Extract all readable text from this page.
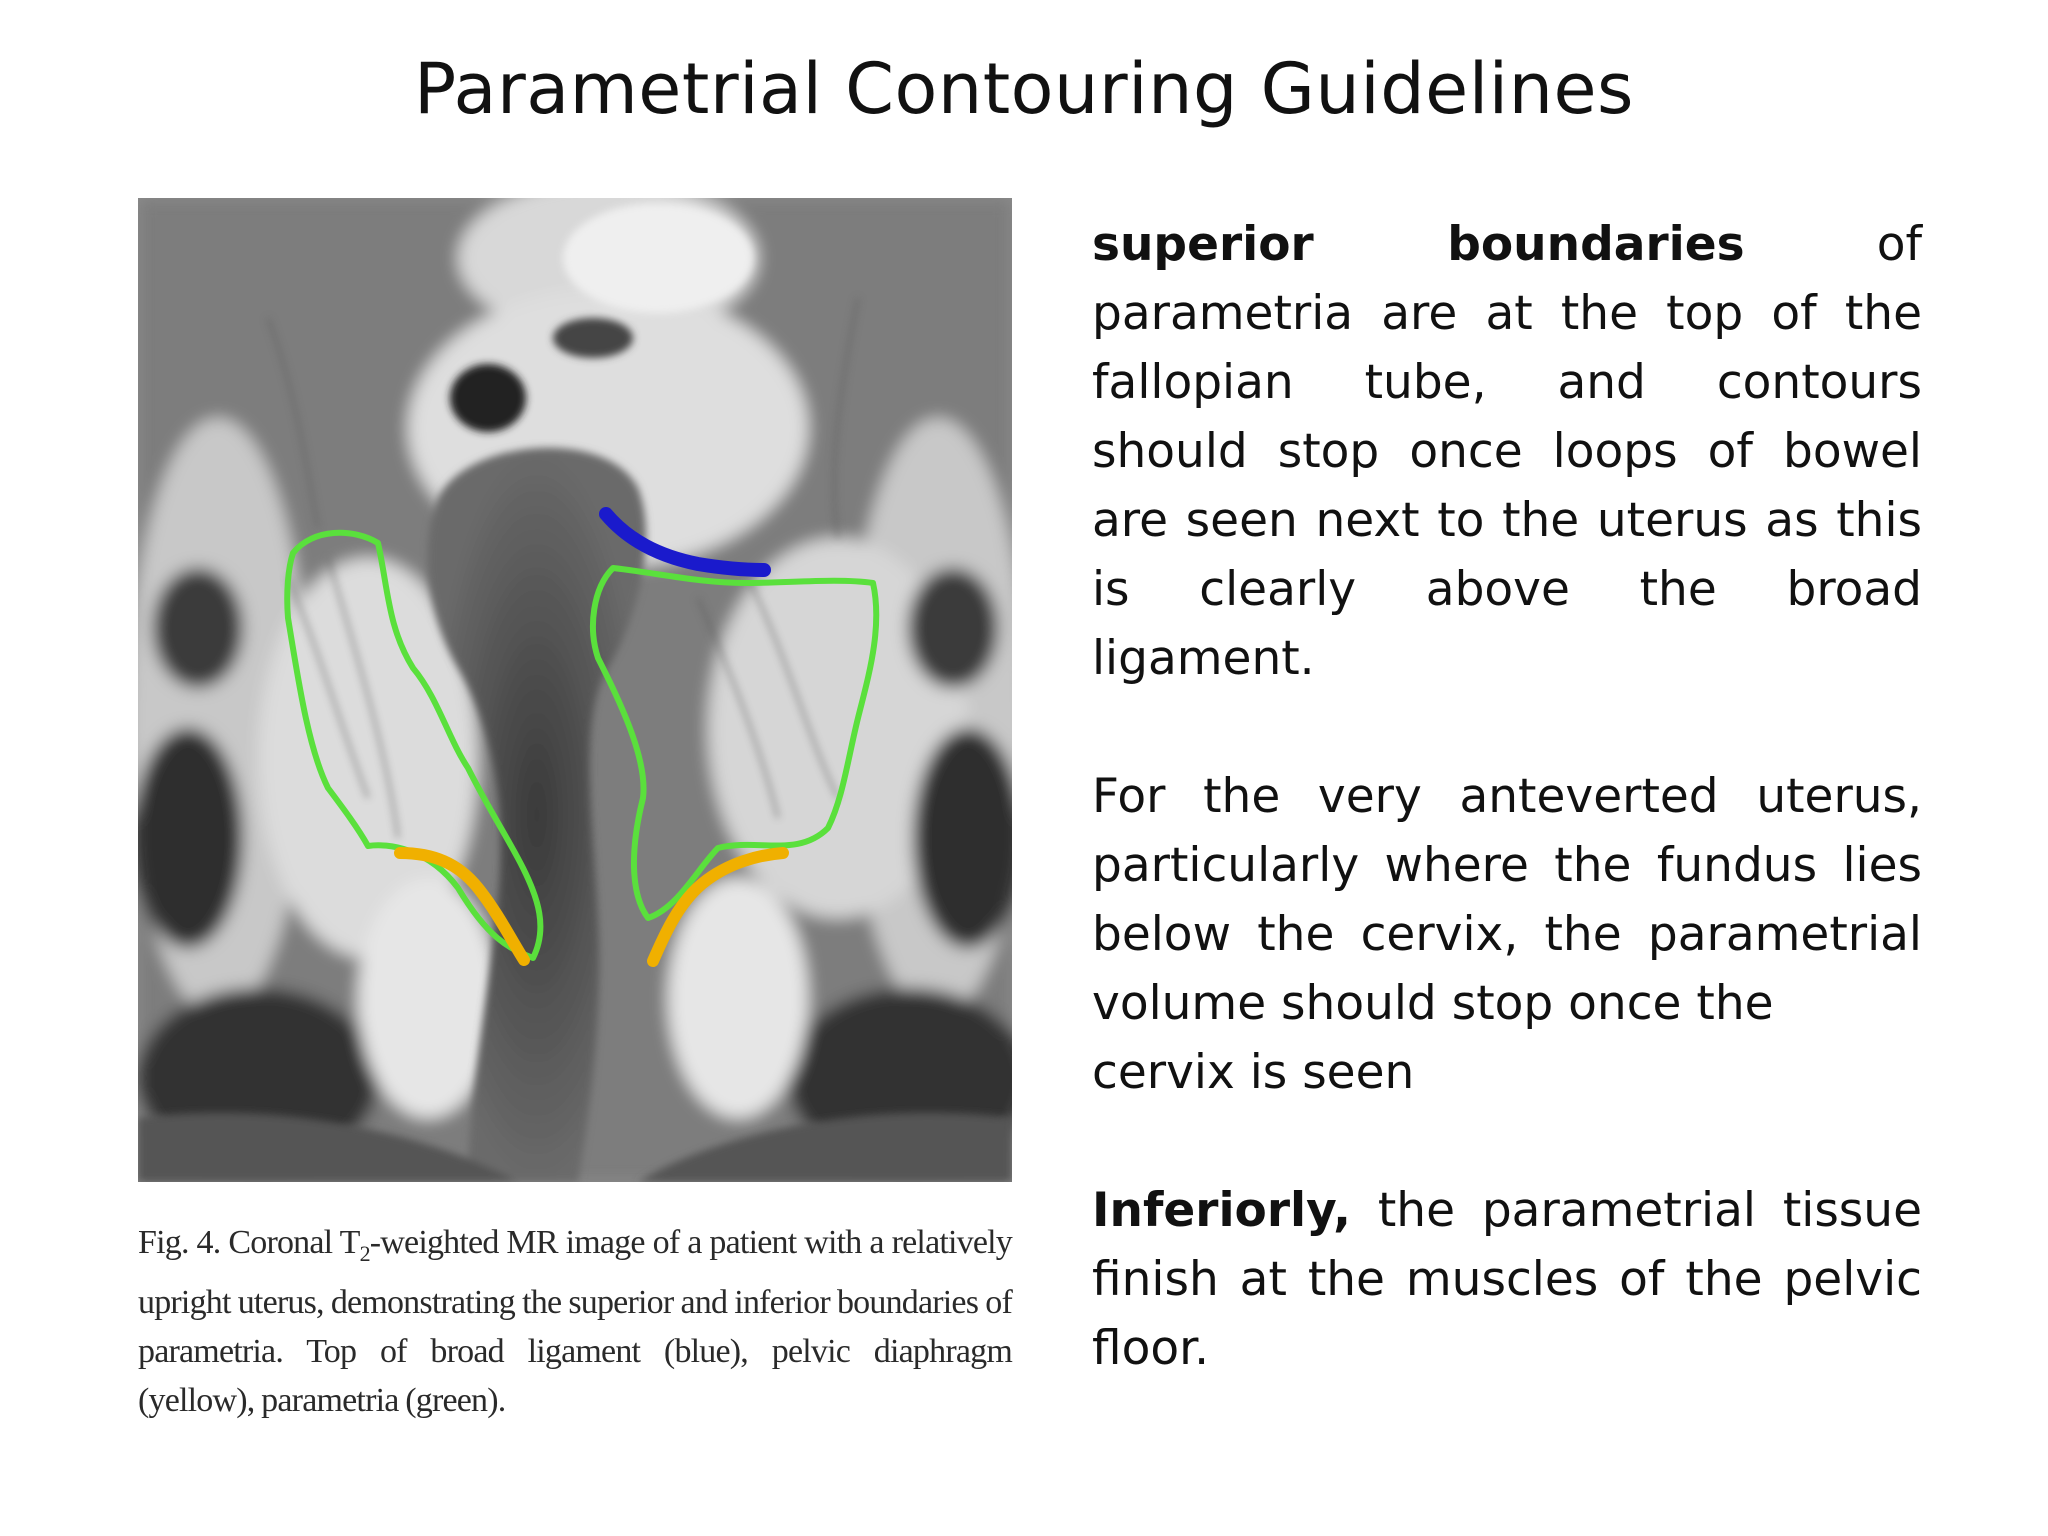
Parametrial Contouring Guidelines
Fig. 4. Coronal $T_2$-weighted MR image of a patient with a relatively upright uterus, demonstrating the superior and inferior boundaries of parametria. Top of broad ligament (blue), pelvic diaphragm (yellow), parametria (green).

superior boundaries of parametria are at the top of the fallopian tube, and contours should stop once loops of bowel are seen next to the uterus as this is clearly above the broad ligament.

For the very anteverted uterus, particularly where the fundus lies below the cervix, the parametrial volume should stop once the
cervix is seen

Inferiorly, the parametrial tissue finish at the muscles of the pelvic floor.
